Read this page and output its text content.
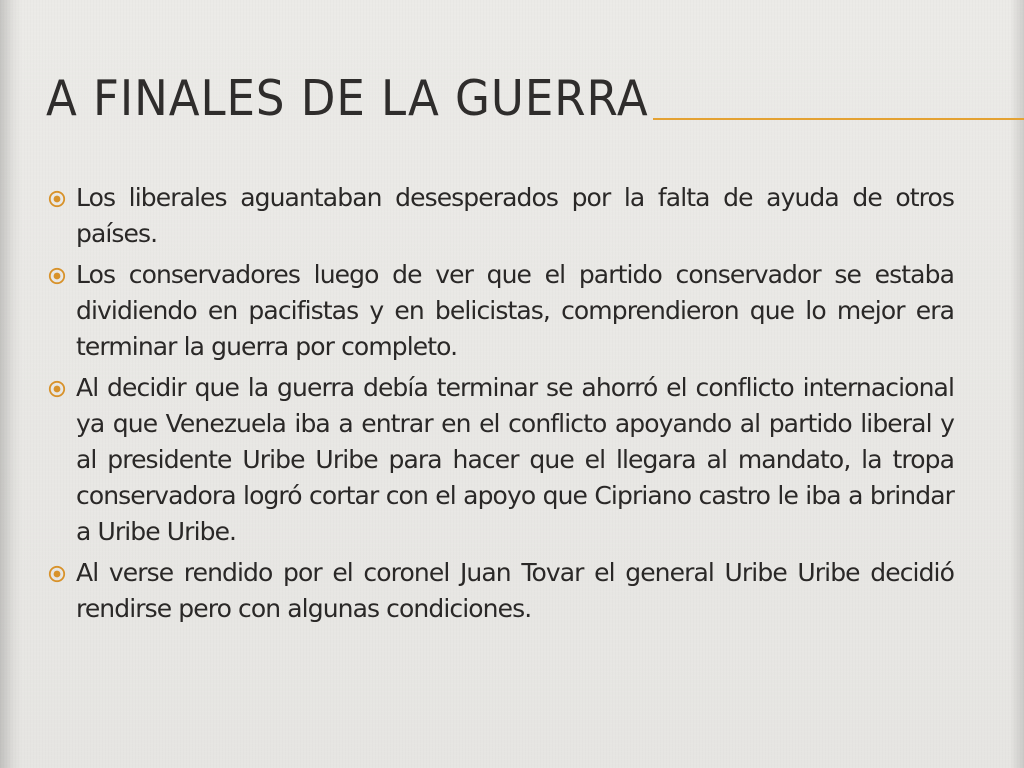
A FINALES DE LA GUERRA
Los liberales aguantaban desesperados por la falta de ayuda de otros países.
Los conservadores luego de ver que el partido conservador se estaba dividiendo en pacifistas y en belicistas, comprendieron que lo mejor era terminar la guerra por completo.
Al decidir que la guerra debía terminar se ahorró el conflicto internacional ya que Venezuela iba a entrar en el conflicto apoyando al partido liberal y al presidente Uribe Uribe para hacer que el llegara al mandato, la tropa conservadora logró cortar con el apoyo que Cipriano castro le iba a brindar a Uribe Uribe.
Al verse rendido por el coronel Juan Tovar el general Uribe Uribe decidió rendirse pero con algunas condiciones.
